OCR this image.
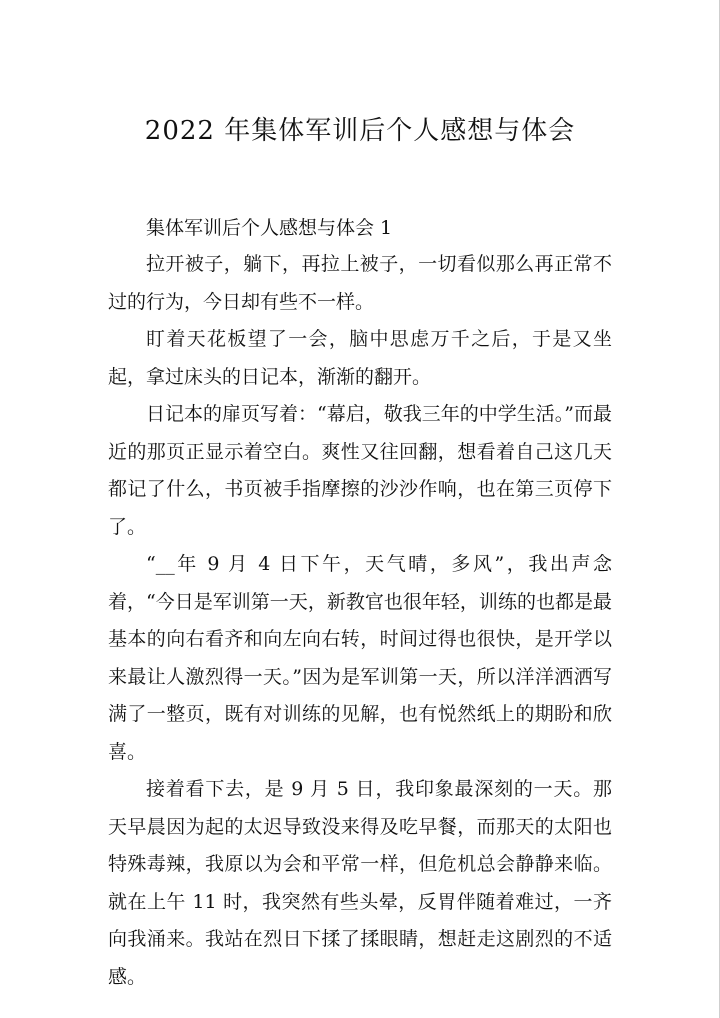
2022 年集体军训后个人感想与体会

集体军训后个人感想与体会 1

拉开被子，躺下，再拉上被子，一切看似那么再正常不过的行为，今日却有些不一样。

盯着天花板望了一会，脑中思虑万千之后，于是又坐起，拿过床头的日记本，渐渐的翻开。

日记本的扉页写着：“幕启，敬我三年的中学生活。”而最近的那页正显示着空白。爽性又往回翻，想看着自己这几天都记了什么，书页被手指摩擦的沙沙作响，也在第三页停下了。

“__年 9 月 4 日下午，天气晴，多风”，我出声念着，“今日是军训第一天，新教官也很年轻，训练的也都是最基本的向右看齐和向左向右转，时间过得也很快，是开学以来最让人激烈得一天。”因为是军训第一天，所以洋洋洒洒写满了一整页，既有对训练的见解，也有悦然纸上的期盼和欣喜。

接着看下去，是 9 月 5 日，我印象最深刻的一天。那天早晨因为起的太迟导致没来得及吃早餐，而那天的太阳也特殊毒辣，我原以为会和平常一样，但危机总会静静来临。就在上午 11 时，我突然有些头晕，反胃伴随着难过，一齐向我涌来。我站在烈日下揉了揉眼睛，想赶走这剧烈的不适感。
